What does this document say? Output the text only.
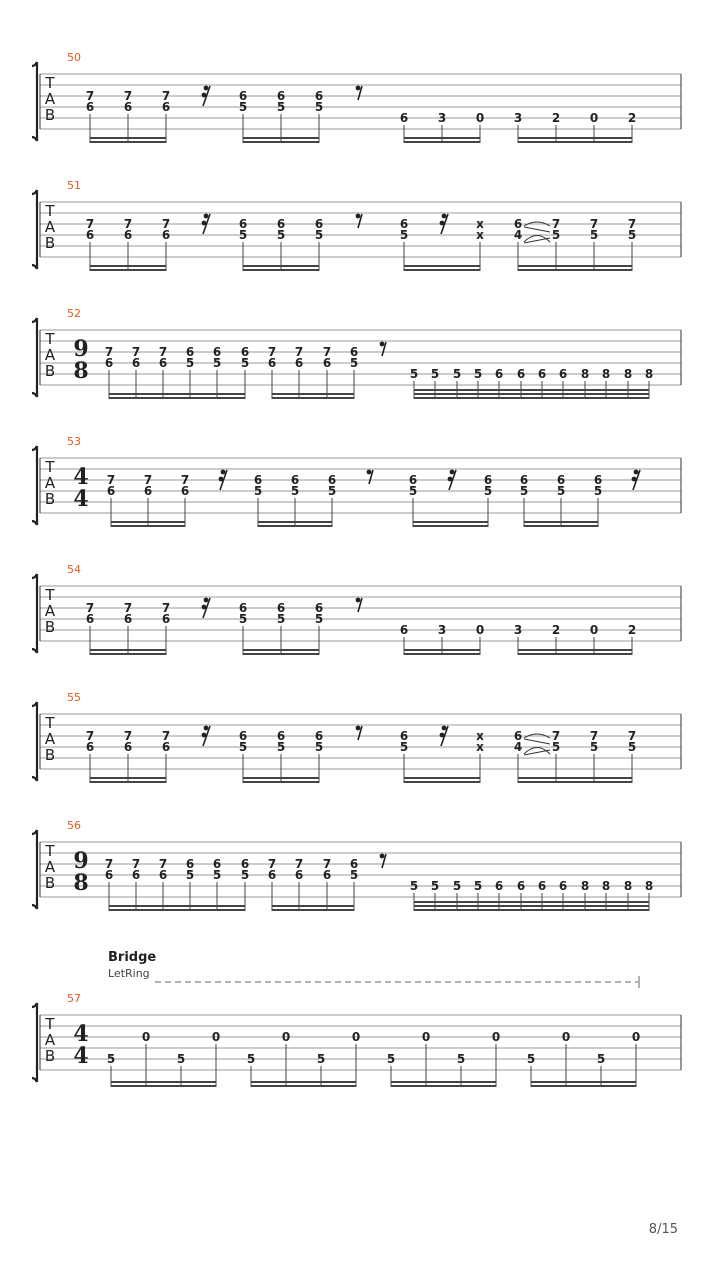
T
A
B
50
7
6
7
6
7
6
6
5
6
5
6
5
6 3 0 3 2 0 2
T
A
B
51
7
6
7
6
7
6
6
5
6
5
6
5
6
5
x
x
6
4
7
5
7
5
7
5
T
A
B
52
9
8
7
6
7
6
7
6
6
5
6
5
6
5
7
6
7
6
7
6
6
5
5 5 5 5 6 6 6 6 8 8 8 8
T
A
B
53
4
4
7
6
7
6
7
6
6
5
6
5
6
5
6
5
6
5
6
5
6
5
6
5
T
A
B
54
7
6
7
6
7
6
6
5
6
5
6
5
6 3 0 3 2 0 2
T
A
B
55
7
6
7
6
7
6
6
5
6
5
6
5
6
5
x
x
6
4
7
5
7
5
7
5
T
A
B
56
9
8
7
6
7
6
7
6
6
5
6
5
6
5
7
6
7
6
7
6
6
5
5 5 5 5 6 6 6 6 8 8 8 8
T
A
B
57
4
4 5
0
5
0
5
0
5
0
5
0
5
0
5
0
5
0
Bridge
LetRing
8/15
